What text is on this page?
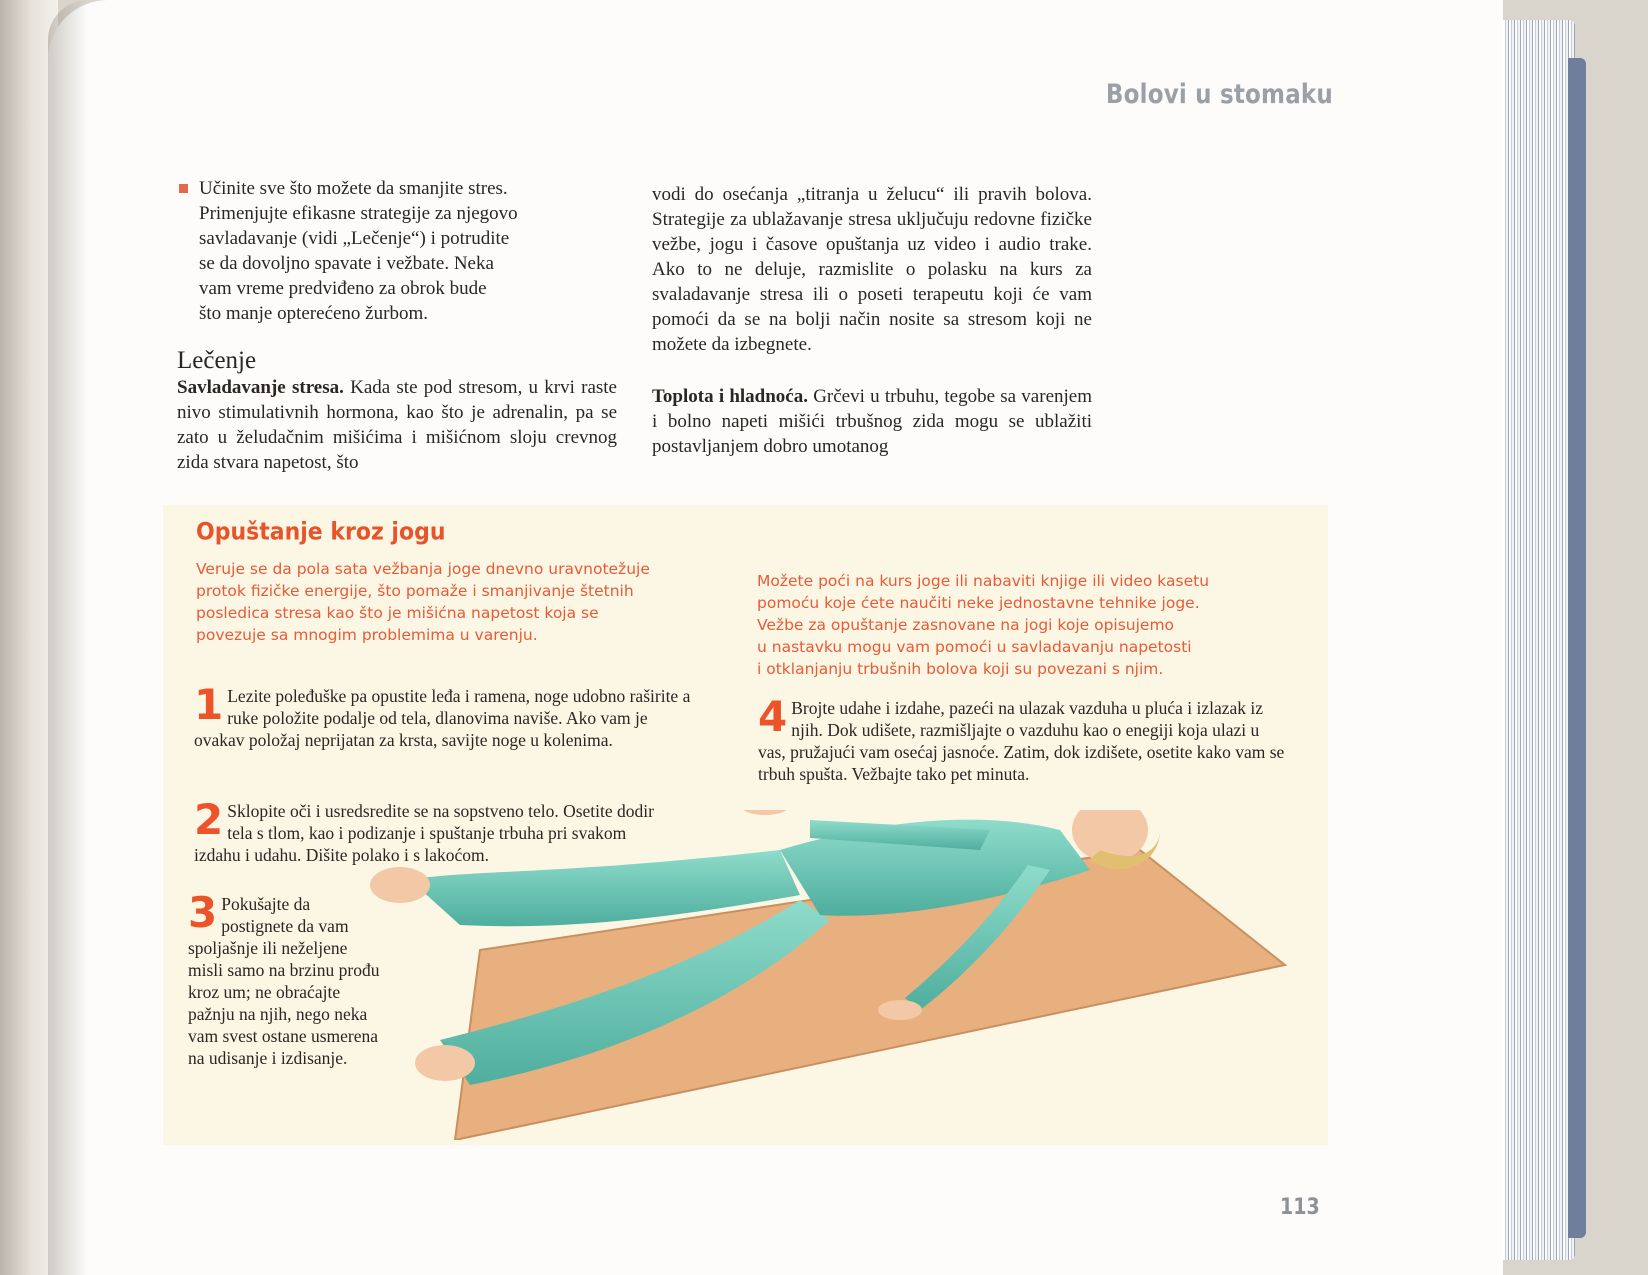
Bolovi u stomaku
Učinite sve što možete da smanjite stres.
Primenjujte efikasne strategije za njegovo
savladavanje (vidi „Lečenje“) i potrudite
se da dovoljno spavate i vežbate. Neka
vam vreme predviđeno za obrok bude
što manje opterećeno žurbom.
Lečenje

Savladavanje stresa. Kada ste pod stresom, u krvi raste nivo stimulativnih hormona, kao što je adrenalin, pa se zato u želudačnim mišićima i mišićnom sloju crevnog zida stvara napetost, što

vodi do osećanja „titranja u želucu“ ili pravih bolova. Strategije za ublažavanje stresa uključuju redovne fizičke vežbe, jogu i časove opuštanja uz video i audio trake. Ako to ne deluje, razmislite o polasku na kurs za svaladavanje stresa ili o poseti terapeutu koji će vam pomoći da se na bolji način nosite sa stresom koji ne možete da izbegnete.

Toplota i hladnoća. Grčevi u trbuhu, tegobe sa varenjem i bolno napeti mišići trbušnog zida mogu se ublažiti postavljanjem dobro umotanog

Opuštanje kroz jogu
Veruje se da pola sata vežbanja joge dnevno uravnotežuje
protok fizičke energije, što pomaže i smanjivanje štetnih
posledica stresa kao što je mišićna napetost koja se
povezuje sa mnogim problemima u varenju.
Možete poći na kurs joge ili nabaviti knjige ili video kasetu
pomoću koje ćete naučiti neke jednostavne tehnike joge.
Vežbe za opuštanje zasnovane na jogi koje opisujemo
u nastavku mogu vam pomoći u savladavanju napetosti
i otklanjanju trbušnih bolova koji su povezani s njim.
1 Lezite poleđuške pa opustite leđa i ramena, noge udobno raširite a ruke položite podalje od tela, dlanovima naviše. Ako vam je ovakav položaj neprijatan za krsta, savijte noge u kolenima.
2 Sklopite oči i usredsredite se na sopstveno telo. Osetite dodir tela s tlom, kao i podizanje i spuštanje trbuha pri svakom izdahu i udahu. Dišite polako i s lakoćom.
3 Pokušajte da postignete da vam spoljašnje ili neželjene misli samo na brzinu prođu kroz um; ne obraćajte pažnju na njih, nego neka vam svest ostane usmerena na udisanje i izdisanje.
4 Brojte udahe i izdahe, pazeći na ulazak vazduha u pluća i izlazak iz njih. Dok udišete, razmišljajte o vazduhu kao o enegiji koja ulazi u vas, pružajući vam osećaj jasnoće. Zatim, dok izdišete, osetite kako vam se trbuh spušta. Vežbajte tako pet minuta.
113
